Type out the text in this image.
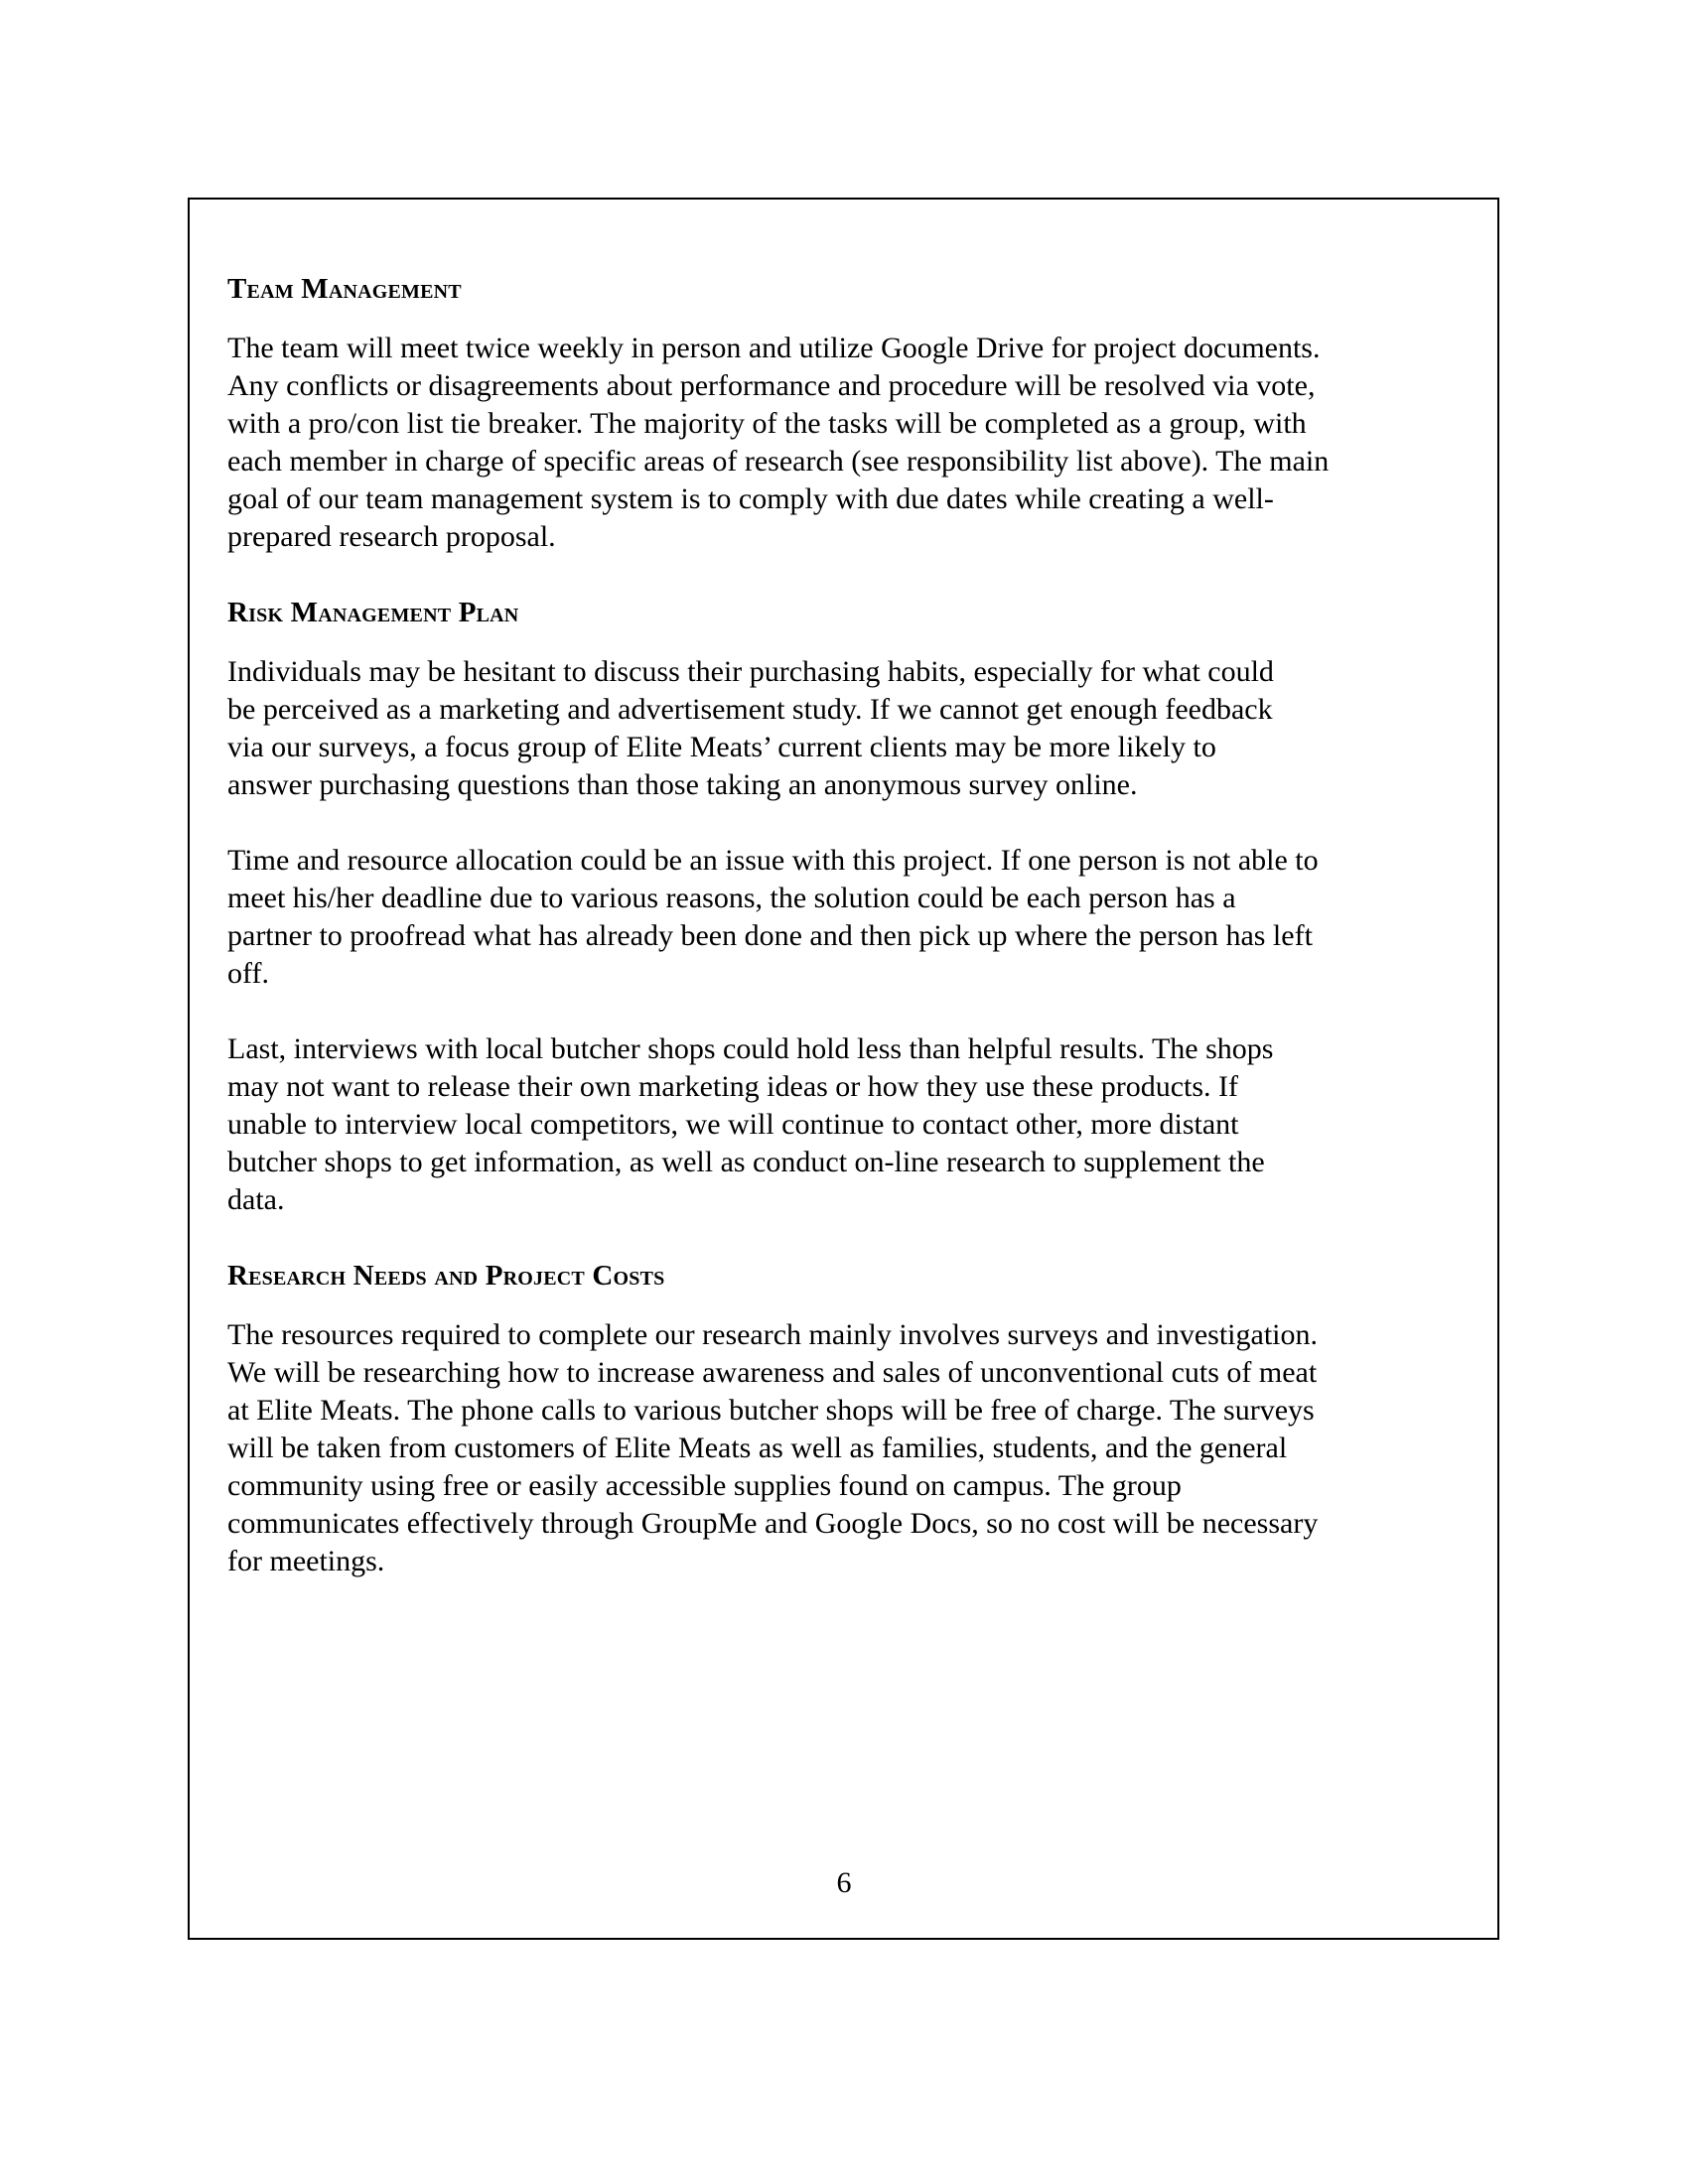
Team Management

The team will meet twice weekly in person and utilize Google Drive for project documents.
Any conflicts or disagreements about performance and procedure will be resolved via vote,
with a pro/con list tie breaker. The majority of the tasks will be completed as a group, with
each member in charge of specific areas of research (see responsibility list above). The main
goal of our team management system is to comply with due dates while creating a well-
prepared research proposal.

Risk Management Plan

Individuals may be hesitant to discuss their purchasing habits, especially for what could
be perceived as a marketing and advertisement study. If we cannot get enough feedback
via our surveys, a focus group of Elite Meats’ current clients may be more likely to
answer purchasing questions than those taking an anonymous survey online.

Time and resource allocation could be an issue with this project. If one person is not able to
meet his/her deadline due to various reasons, the solution could be each person has a
partner to proofread what has already been done and then pick up where the person has left
off.

Last, interviews with local butcher shops could hold less than helpful results. The shops
may not want to release their own marketing ideas or how they use these products. If
unable to interview local competitors, we will continue to contact other, more distant
butcher shops to get information, as well as conduct on-line research to supplement the
data.

Research Needs and Project Costs

The resources required to complete our research mainly involves surveys and investigation.
We will be researching how to increase awareness and sales of unconventional cuts of meat
at Elite Meats. The phone calls to various butcher shops will be free of charge. The surveys
will be taken from customers of Elite Meats as well as families, students, and the general
community using free or easily accessible supplies found on campus. The group
communicates effectively through GroupMe and Google Docs, so no cost will be necessary
for meetings.

6
